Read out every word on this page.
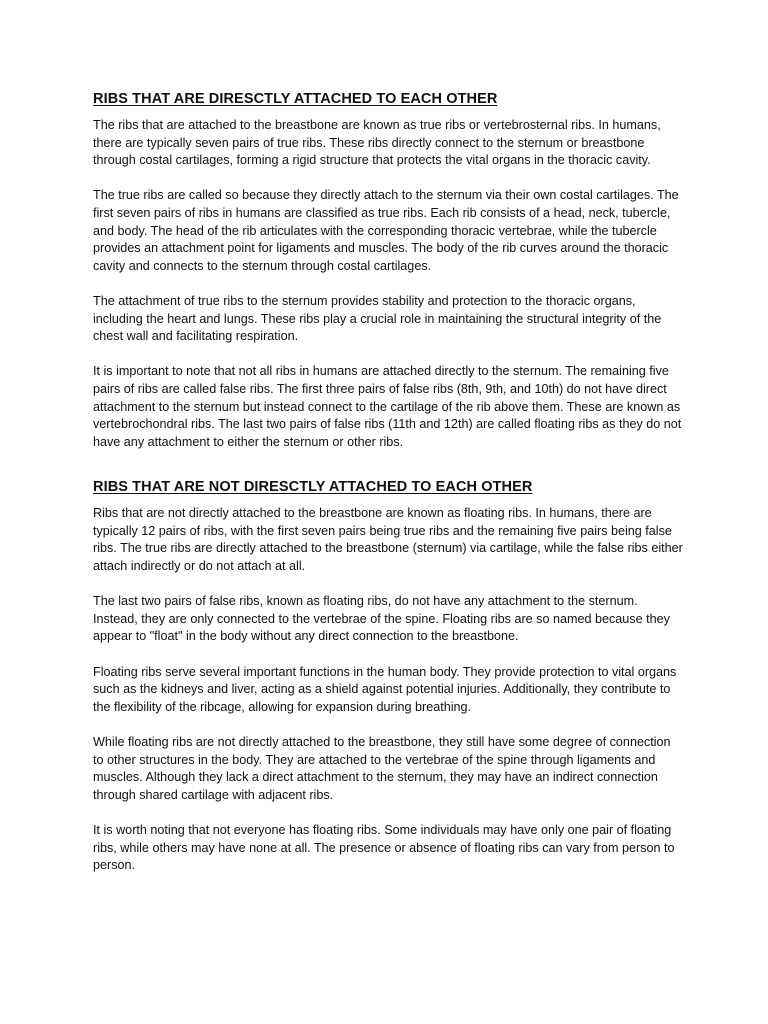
RIBS THAT ARE DIRESCTLY ATTACHED TO EACH OTHER

The ribs that are attached to the breastbone are known as true ribs or vertebrosternal ribs. In humans, there are typically seven pairs of true ribs. These ribs directly connect to the sternum or breastbone through costal cartilages, forming a rigid structure that protects the vital organs in the thoracic cavity.

The true ribs are called so because they directly attach to the sternum via their own costal cartilages. The first seven pairs of ribs in humans are classified as true ribs. Each rib consists of a head, neck, tubercle, and body. The head of the rib articulates with the corresponding thoracic vertebrae, while the tubercle provides an attachment point for ligaments and muscles. The body of the rib curves around the thoracic cavity and connects to the sternum through costal cartilages.

The attachment of true ribs to the sternum provides stability and protection to the thoracic organs, including the heart and lungs. These ribs play a crucial role in maintaining the structural integrity of the chest wall and facilitating respiration.

It is important to note that not all ribs in humans are attached directly to the sternum. The remaining five pairs of ribs are called false ribs. The first three pairs of false ribs (8th, 9th, and 10th) do not have direct attachment to the sternum but instead connect to the cartilage of the rib above them. These are known as vertebrochondral ribs. The last two pairs of false ribs (11th and 12th) are called floating ribs as they do not have any attachment to either the sternum or other ribs.

RIBS THAT ARE NOT DIRESCTLY ATTACHED TO EACH OTHER

Ribs that are not directly attached to the breastbone are known as floating ribs. In humans, there are typically 12 pairs of ribs, with the first seven pairs being true ribs and the remaining five pairs being false ribs. The true ribs are directly attached to the breastbone (sternum) via cartilage, while the false ribs either attach indirectly or do not attach at all.

The last two pairs of false ribs, known as floating ribs, do not have any attachment to the sternum. Instead, they are only connected to the vertebrae of the spine. Floating ribs are so named because they appear to "float" in the body without any direct connection to the breastbone.

Floating ribs serve several important functions in the human body. They provide protection to vital organs such as the kidneys and liver, acting as a shield against potential injuries. Additionally, they contribute to the flexibility of the ribcage, allowing for expansion during breathing.

While floating ribs are not directly attached to the breastbone, they still have some degree of connection to other structures in the body. They are attached to the vertebrae of the spine through ligaments and muscles. Although they lack a direct attachment to the sternum, they may have an indirect connection through shared cartilage with adjacent ribs.

It is worth noting that not everyone has floating ribs. Some individuals may have only one pair of floating ribs, while others may have none at all. The presence or absence of floating ribs can vary from person to person.
